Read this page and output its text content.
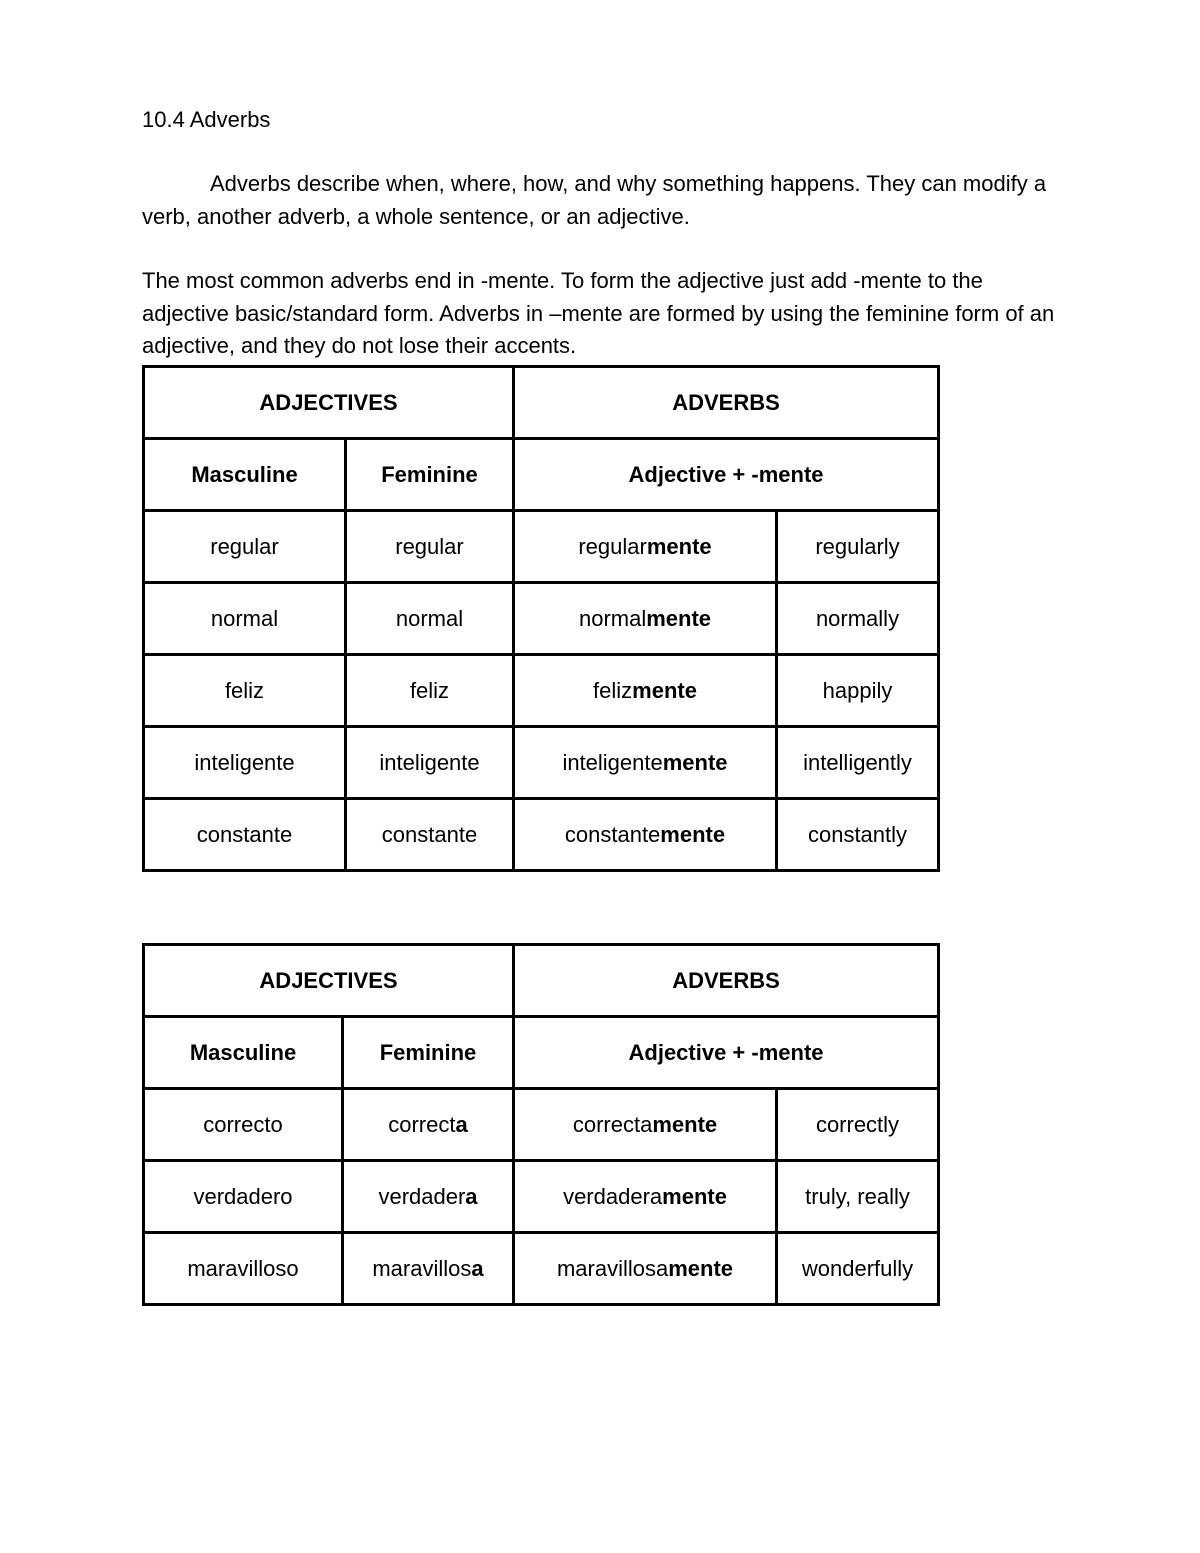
10.4 Adverbs
Adverbs describe when, where, how, and why something happens. They can modify a verb, another adverb, a whole sentence, or an adjective.
The most common adverbs end in -mente. To form the adjective just add -mente to the adjective basic/standard form. Adverbs in –mente are formed by using the feminine form of an adjective, and they do not lose their accents.
ADJECTIVES		ADVERBS	
Masculine	Feminine	Adjective + -mente	
regular	regular	regularmente	regularly
normal	normal	normalmente	normally
feliz	feliz	felizmente	happily
inteligente	inteligente	inteligentemente	intelligently
constante	constante	constantemente	constantly
ADJECTIVES		ADVERBS	
Masculine	Feminine	Adjective + -mente	
correcto	correcta	correctamente	correctly
verdadero	verdadera	verdaderamente	truly, really
maravilloso	maravillosa	maravillosamente	wonderfully
